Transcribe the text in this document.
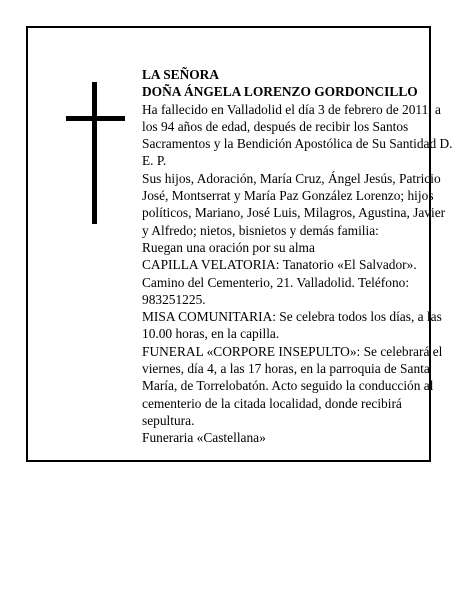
LA SEÑORA

DOÑA ÁNGELA LORENZO GORDONCILLO

Ha fallecido en Valladolid el día 3 de febrero de 2011, a los 94 años de edad, después de recibir los Santos Sacramentos y la Bendición Apostólica de Su Santidad D. E. P.

Sus hijos, Adoración, María Cruz, Ángel Jesús, Patricio José, Montserrat y María Paz González Lorenzo; hijos políticos, Mariano, José Luis, Milagros, Agustina, Javier y Alfredo; nietos, bisnietos y demás familia:

Ruegan una oración por su alma

CAPILLA VELATORIA: Tanatorio «El Salvador». Camino del Cementerio, 21. Valladolid. Teléfono: 983251225.

MISA COMUNITARIA: Se celebra todos los días, a las 10.00 horas, en la capilla.

FUNERAL «CORPORE INSEPULTO»: Se celebrará el viernes, día 4, a las 17 horas, en la parroquia de Santa María, de Torrelobatón. Acto seguido la conducción al cementerio de la citada localidad, donde recibirá sepultura.

Funeraria «Castellana»
